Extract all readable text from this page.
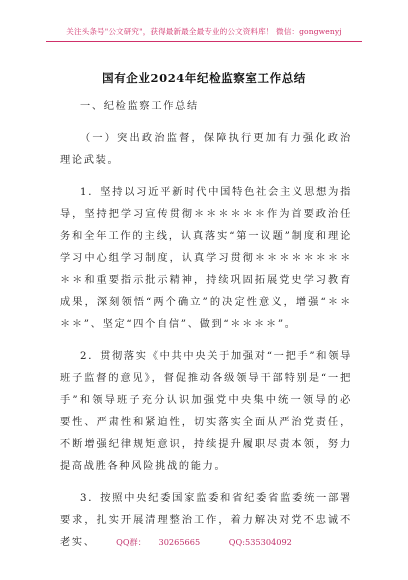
关注头条号"公文研究"，获得最新最全最专业的公文资料库！ 微信：gongwenyj
国有企业2024年纪检监察室工作总结

一、纪检监察工作总结

（一）突出政治监督，保障执行更加有力强化政治理论武装。

1．坚持以习近平新时代中国特色社会主义思想为指导，坚持把学习宣传贯彻＊＊＊＊＊＊作为首要政治任务和全年工作的主线，认真落实“第一议题”制度和理论学习中心组学习制度，认真学习贯彻＊＊＊＊＊＊＊＊＊＊和重要指示批示精神，持续巩固拓展党史学习教育成果，深刻领悟“两个确立”的决定性意义，增强“＊＊＊＊”、坚定“四个自信”、做到“＊＊＊＊”。

2．贯彻落实《中共中央关于加强对“一把手”和领导班子监督的意见》，督促推动各级领导干部特别是“一把手”和领导班子充分认识加强党中央集中统一领导的必要性、严肃性和紧迫性，切实落实全面从严治党责任，不断增强纪律规矩意识，持续提升履职尽责本领，努力提高战胜各种风险挑战的能力。

3．按照中央纪委国家监委和省纪委省监委统一部署要求，扎实开展清理整治工作，着力解决对党不忠诚不老实、	QQ群： 30265665	QQ:535304092
